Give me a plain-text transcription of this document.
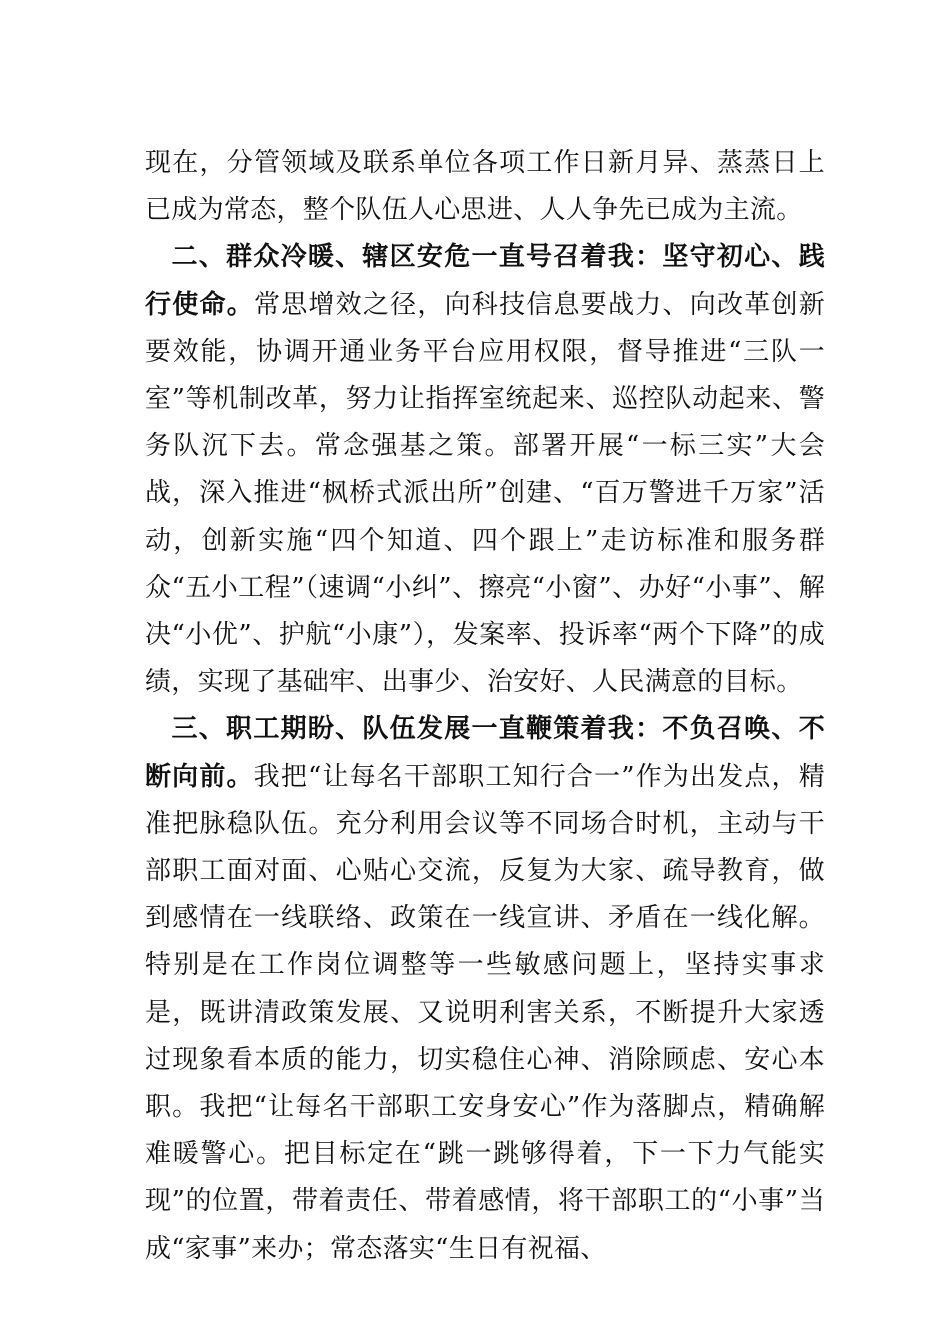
现在，分管领域及联系单位各项工作日新月异、蒸蒸日上已成为常态，整个队伍人心思进、人人争先已成为主流。

二、群众冷暖、辖区安危一直号召着我：坚守初心、践行使命。常思增效之径，向科技信息要战力、向改革创新要效能，协调开通业务平台应用权限，督导推进“三队一室”等机制改革，努力让指挥室统起来、巡控队动起来、警务队沉下去。常念强基之策。部署开展“一标三实”大会战，深入推进“枫桥式派出所”创建、“百万警进千万家”活动，创新实施“四个知道、四个跟上”走访标准和服务群众“五小工程”（速调“小纠”、擦亮“小窗”、办好“小事”、解决“小优”、护航“小康”），发案率、投诉率“两个下降”的成绩，实现了基础牢、出事少、治安好、人民满意的目标。

三、职工期盼、队伍发展一直鞭策着我：不负召唤、不断向前。我把“让每名干部职工知行合一”作为出发点，精准把脉稳队伍。充分利用会议等不同场合时机，主动与干部职工面对面、心贴心交流，反复为大家、疏导教育，做到感情在一线联络、政策在一线宣讲、矛盾在一线化解。特别是在工作岗位调整等一些敏感问题上，坚持实事求是，既讲清政策发展、又说明利害关系，不断提升大家透过现象看本质的能力，切实稳住心神、消除顾虑、安心本职。我把“让每名干部职工安身安心”作为落脚点，精确解难暖警心。把目标定在“跳一跳够得着，下一下力气能实现”的位置，带着责任、带着感情，将干部职工的“小事”当成“家事”来办；常态落实“生日有祝福、
